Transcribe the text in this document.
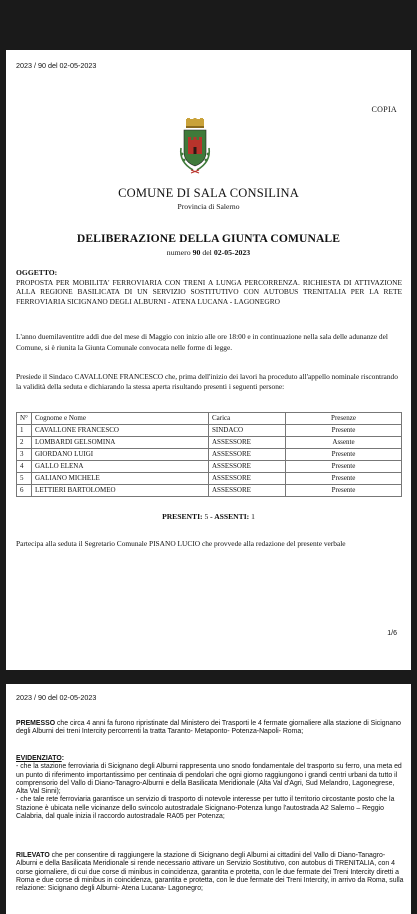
2023 / 90 del 02-05-2023
COPIA
COMUNE DI SALA CONSILINA
Provincia di Salerno
DELIBERAZIONE DELLA GIUNTA COMUNALE
numero 90 del 02-05-2023
OGGETTO:
PROPOSTA PER MOBILITA' FERROVIARIA CON TRENI A LUNGA PERCORRENZA. RICHIESTA DI ATTIVAZIONE ALLA REGIONE BASILICATA DI UN SERVIZIO SOSTITUTIVO CON AUTOBUS TRENITALIA PER LA RETE FERROVIARIA SICIGNANO DEGLI ALBURNI - ATENA LUCANA - LAGONEGRO
L'anno duemilaventitre addì due del mese di Maggio con inizio alle ore 18:00 e in continuazione nella sala delle adunanze del Comune, si è riunita la Giunta Comunale convocata nelle forme di legge.
Presiede il Sindaco CAVALLONE FRANCESCO che, prima dell'inizio dei lavori ha proceduto all'appello nominale riscontrando la validità della seduta e dichiarando la stessa aperta risultando presenti i seguenti persone:
N°	Cognome e Nome	Carica	Presenze
1	CAVALLONE FRANCESCO	SINDACO	Presente
2	LOMBARDI GELSOMINA	ASSESSORE	Assente
3	GIORDANO LUIGI	ASSESSORE	Presente
4	GALLO ELENA	ASSESSORE	Presente
5	GALIANO MICHELE	ASSESSORE	Presente
6	LETTIERI BARTOLOMEO	ASSESSORE	Presente
PRESENTI: 5 - ASSENTI: 1
Partecipa alla seduta il Segretario Comunale PISANO LUCIO che provvede alla redazione del presente verbale
1/6
2023 / 90 del 02-05-2023
PREMESSO che circa 4 anni fa furono ripristinate dal Ministero dei Trasporti le 4 fermate giornaliere alla stazione di Sicignano degli Alburni dei treni Intercity percorrenti la tratta Taranto- Metaponto- Potenza-Napoli- Roma;
EVIDENZIATO:
- che la stazione ferroviaria di Sicignano degli Alburni rappresenta uno snodo fondamentale del trasporto su ferro, una meta ed un punto di riferimento importantissimo per centinaia di pendolari che ogni giorno raggiungono i grandi centri urbani da tutto il comprensorio del Vallo di Diano-Tanagro-Alburni e della Basilicata Meridionale (Alta Val d'Agri, Sud Melandro, Lagonegrese, Alta Val Sinni);
- che tale rete ferroviaria garantisce un servizio di trasporto di notevole interesse per tutto il territorio circostante posto che la Stazione è ubicata nelle vicinanze dello svincolo autostradale Sicignano-Potenza lungo l'autostrada A2 Salerno – Reggio Calabria, dal quale inizia il raccordo autostradale RA05 per Potenza;
RILEVATO che per consentire di raggiungere la stazione di Sicignano degli Alburni ai cittadini del Vallo di Diano-Tanagro-Alburni e della Basilicata Meridionale si rende necessario attivare un Servizio Sostitutivo, con autobus di TRENITALIA, con 4 corse giornaliere, di cui due corse di minibus in coincidenza, garantita e protetta, con le due fermate dei Treni Intercity diretti a Roma e due corse di minibus in coincidenza, garantita e protetta, con le due fermate dei Treni Intercity, in arrivo da Roma, sulla relazione: Sicignano degli Alburni- Atena Lucana- Lagonegro;
